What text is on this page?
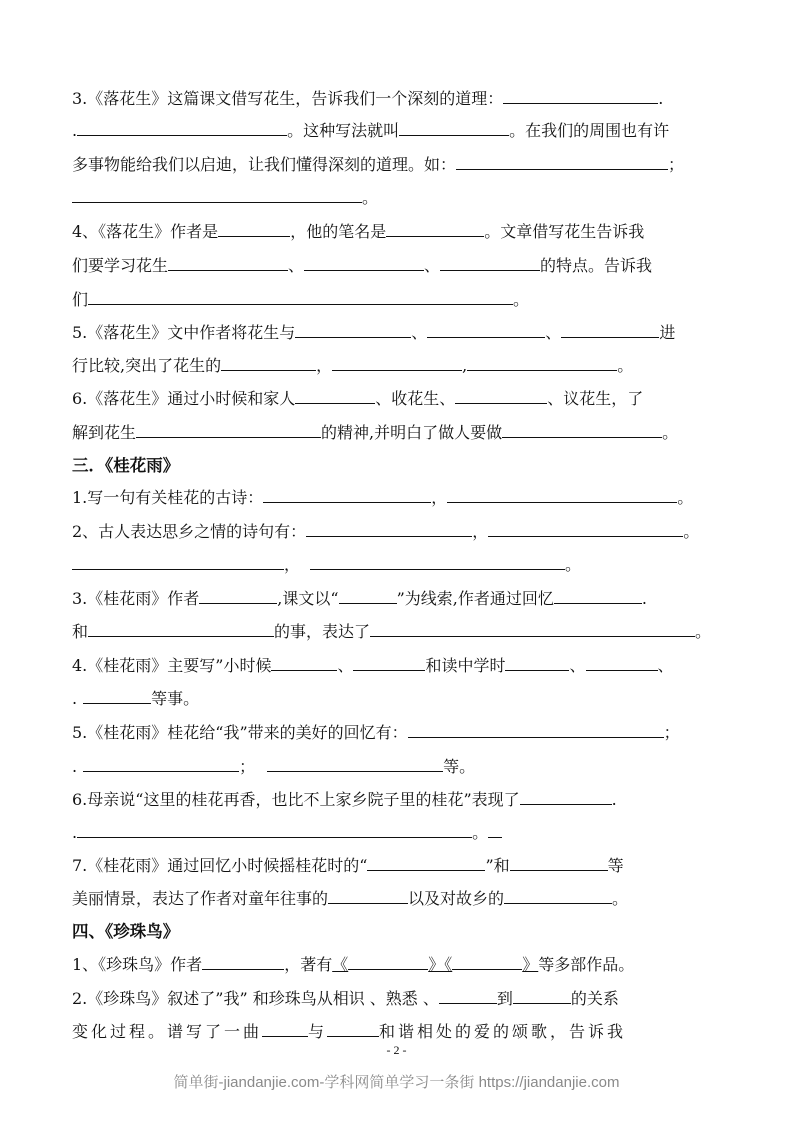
3.《落花生》这篇课文借写花生，告诉我们一个深刻的道理：	.
.	。这种写法就叫	。在我们的周围也有许
多事物能给我们以启迪，让我们懂得深刻的道理。如：	；
。
4、《落花生》作者是	，他的笔名是	。文章借写花生告诉我
们要学习花生	、	、	的特点。告诉我
们	。
5.《落花生》文中作者将花生与	、	、	进
行比较,突出了花生的	，	,	。
6.《落花生》通过小时候和家人	、收花生、	、议花生，了
解到花生	的精神,并明白了做人要做	。
三．《桂花雨》
1.写一句有关桂花的古诗：	，	。
2、古人表达思乡之情的诗句有：	，	。
，	。
3.《桂花雨》作者	,课文以“	”为线索,作者通过回忆	.
和	的事，表达了	。
4.《桂花雨》主要写”小时候	、	和读中学时	、	、
.	等事。
5.《桂花雨》桂花给“我”带来的美好的回忆有：	；
.	；	等。
6.母亲说“这里的桂花再香，也比不上家乡院子里的桂花”表现了	.
.	。
7.《桂花雨》通过回忆小时候摇桂花时的“	”和	等
美丽情景，表达了作者对童年往事的	以及对故乡的	。
四、《珍珠鸟》
1、《珍珠鸟》作者	，著有《	》《	》等多部作品。
2.《珍珠鸟》叙述了”我” 和珍珠鸟从相识 、熟悉 、	到	的关系
变化过程。谱写了一曲	与	和谐相处的爱的颂歌，告诉我
- 2 -
简单街-jiandanjie.com-学科网简单学习一条街 https://jiandanjie.com
